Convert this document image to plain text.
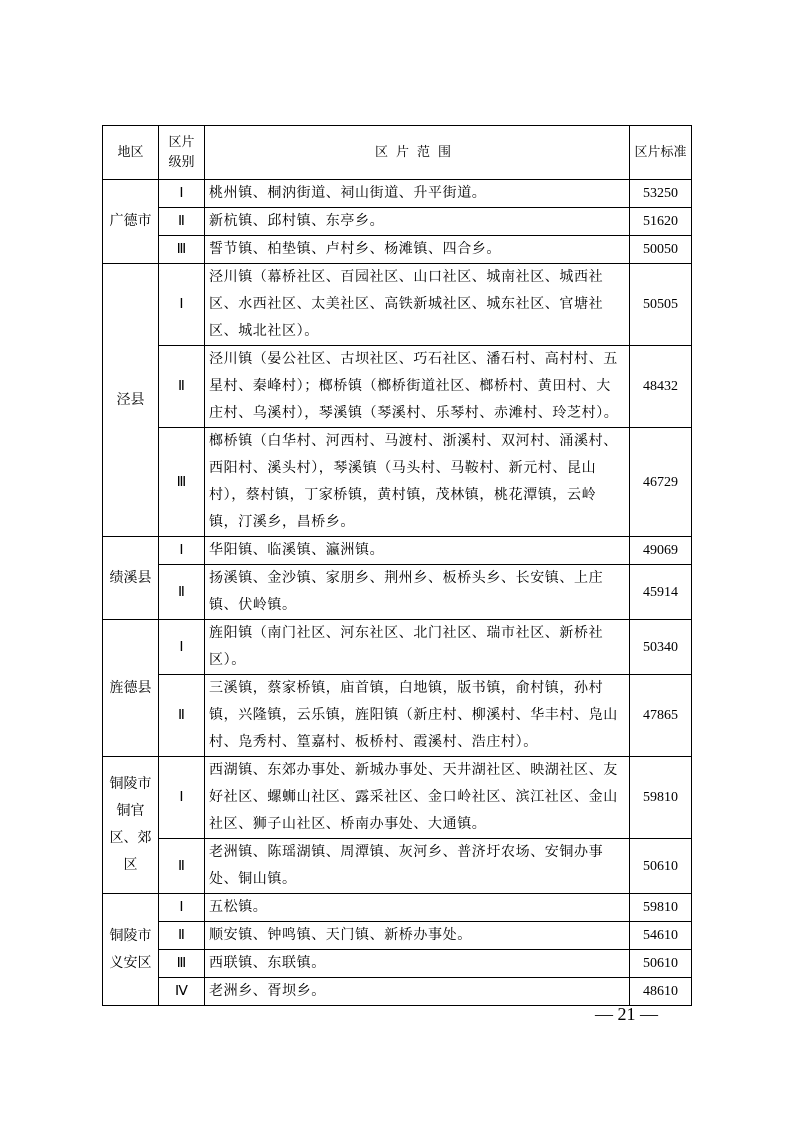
地区	区片级别	区片范围	区片标准
广德市	Ⅰ	桃州镇、桐汭街道、祠山街道、升平街道。	53250
	Ⅱ	新杭镇、邱村镇、东亭乡。	51620
	Ⅲ	誓节镇、柏垫镇、卢村乡、杨滩镇、四合乡。	50050
泾县	Ⅰ	泾川镇（幕桥社区、百园社区、山口社区、城南社区、城西社区、水西社区、太美社区、高铁新城社区、城东社区、官塘社区、城北社区）。	50505
	Ⅱ	泾川镇（晏公社区、古坝社区、巧石社区、潘石村、高村村、五星村、秦峰村）；榔桥镇（榔桥街道社区、榔桥村、黄田村、大庄村、乌溪村），琴溪镇（琴溪村、乐琴村、赤滩村、玲芝村）。	48432
	Ⅲ	榔桥镇（白华村、河西村、马渡村、浙溪村、双河村、涌溪村、西阳村、溪头村），琴溪镇（马头村、马鞍村、新元村、昆山村），蔡村镇，丁家桥镇，黄村镇，茂林镇，桃花潭镇，云岭镇，汀溪乡，昌桥乡。	46729
绩溪县	Ⅰ	华阳镇、临溪镇、瀛洲镇。	49069
	Ⅱ	扬溪镇、金沙镇、家朋乡、荆州乡、板桥头乡、长安镇、上庄镇、伏岭镇。	45914
旌德县	Ⅰ	旌阳镇（南门社区、河东社区、北门社区、瑞市社区、新桥社区）。	50340
	Ⅱ	三溪镇，蔡家桥镇，庙首镇，白地镇，版书镇，俞村镇，孙村镇，兴隆镇，云乐镇，旌阳镇（新庄村、柳溪村、华丰村、凫山村、凫秀村、篁嘉村、板桥村、霞溪村、浩庄村）。	47865
铜陵市铜官区、郊区	Ⅰ	西湖镇、东郊办事处、新城办事处、天井湖社区、映湖社区、友好社区、螺蛳山社区、露采社区、金口岭社区、滨江社区、金山社区、狮子山社区、桥南办事处、大通镇。	59810
	Ⅱ	老洲镇、陈瑶湖镇、周潭镇、灰河乡、普济圩农场、安铜办事处、铜山镇。	50610
铜陵市义安区	Ⅰ	五松镇。	59810
	Ⅱ	顺安镇、钟鸣镇、天门镇、新桥办事处。	54610
	Ⅲ	西联镇、东联镇。	50610
	Ⅳ	老洲乡、胥坝乡。	48610
— 21 —
